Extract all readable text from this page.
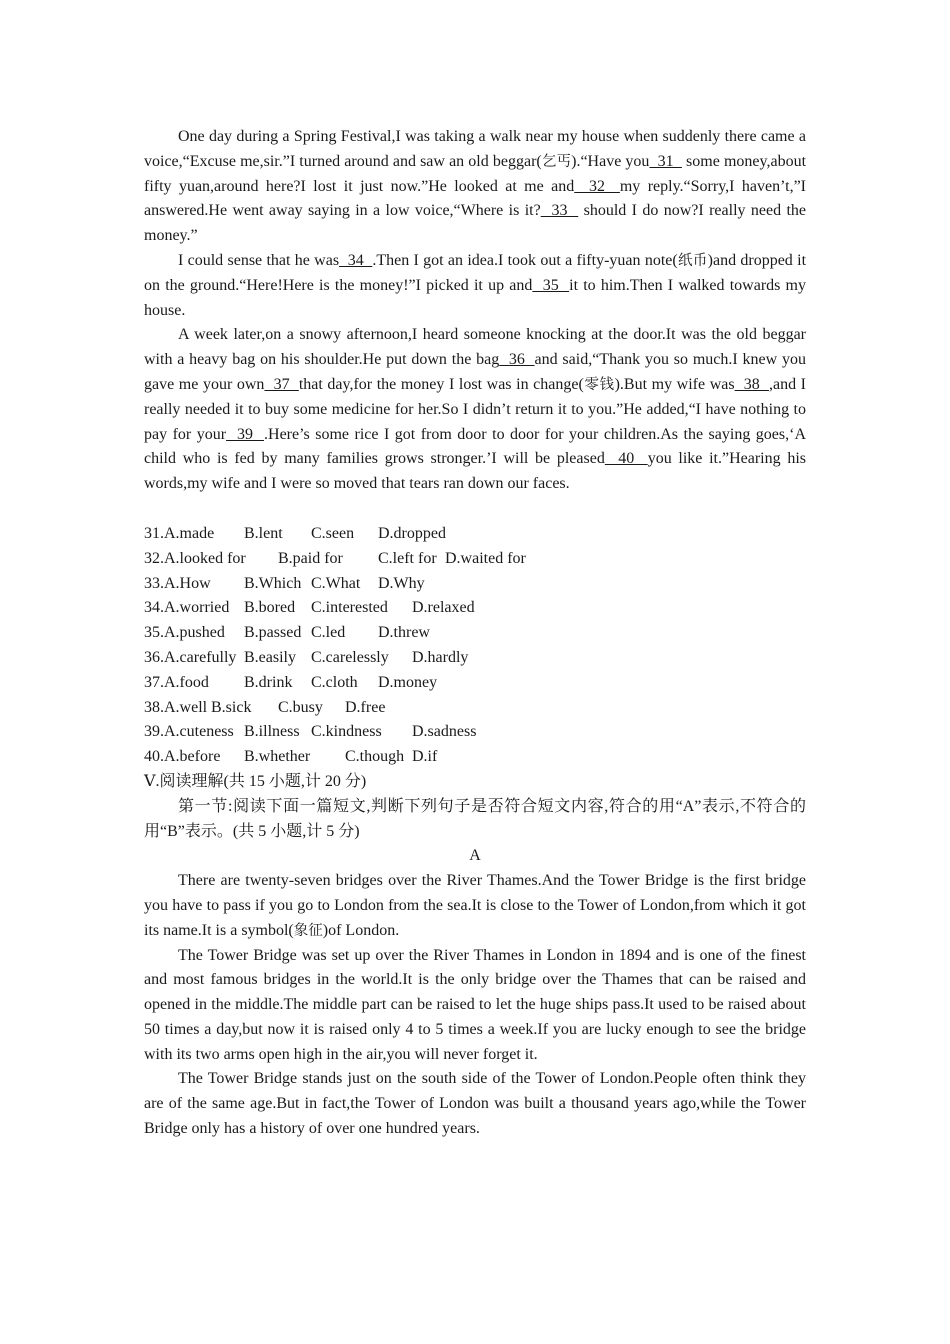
One day during a Spring Festival,I was taking a walk near my house when suddenly there came a voice,“Excuse me,sir.”I turned around and saw an old beggar(乞丐).“Have you  31   some money,about fifty yuan,around here?I lost it just now.”He looked at me and  32  my reply.“Sorry,I haven’t,”I answered.He went away saying in a low voice,“Where is it?  33   should I do now?I really need the money.”

I could sense that he was  34  .Then I got an idea.I took out a fifty-yuan note(纸币)and dropped it on the ground.“Here!Here is the money!”I picked it up and  35  it to him.Then I walked towards my house.

A week later,on a snowy afternoon,I heard someone knocking at the door.It was the old beggar with a heavy bag on his shoulder.He put down the bag  36  and said,“Thank you so much.I knew you gave me your own  37  that day,for the money I lost was in change(零钱).But my wife was  38  ,and I really needed it to buy some medicine for her.So I didn’t return it to you.”He added,“I have nothing to pay for your  39  .Here’s some rice I got from door to door for your children.As the saying goes,‘A child who is fed by many families grows stronger.’I will be pleased  40  you like it.”Hearing his words,my wife and I were so moved that tears ran down our faces.

31.A.made B.lent C.seen D.dropped

32.A.looked for B.paid for C.left for D.waited for

33.A.How B.Which C.What D.Why

34.A.worried B.bored C.interested D.relaxed

35.A.pushed B.passed C.led D.threw

36.A.carefully B.easily C.carelessly D.hardly

37.A.food B.drink C.cloth D.money

38.A.well B.sick C.busy D.free

39.A.cuteness B.illness C.kindness D.sadness

40.A.before B.whether C.though D.if

Ⅴ.阅读理解(共 15 小题,计 20 分)

第一节:阅读下面一篇短文,判断下列句子是否符合短文内容,符合的用“A”表示,不符合的用“B”表示。(共 5 小题,计 5 分)

A

There are twenty-seven bridges over the River Thames.And the Tower Bridge is the first bridge you have to pass if you go to London from the sea.It is close to the Tower of London,from which it got its name.It is a symbol(象征)of London.

The Tower Bridge was set up over the River Thames in London in 1894 and is one of the finest and most famous bridges in the world.It is the only bridge over the Thames that can be raised and opened in the middle.The middle part can be raised to let the huge ships pass.It used to be raised about 50 times a day,but now it is raised only 4 to 5 times a week.If you are lucky enough to see the bridge with its two arms open high in the air,you will never forget it.

The Tower Bridge stands just on the south side of the Tower of London.People often think they are of the same age.But in fact,the Tower of London was built a thousand years ago,while the Tower Bridge only has a history of over one hundred years.
